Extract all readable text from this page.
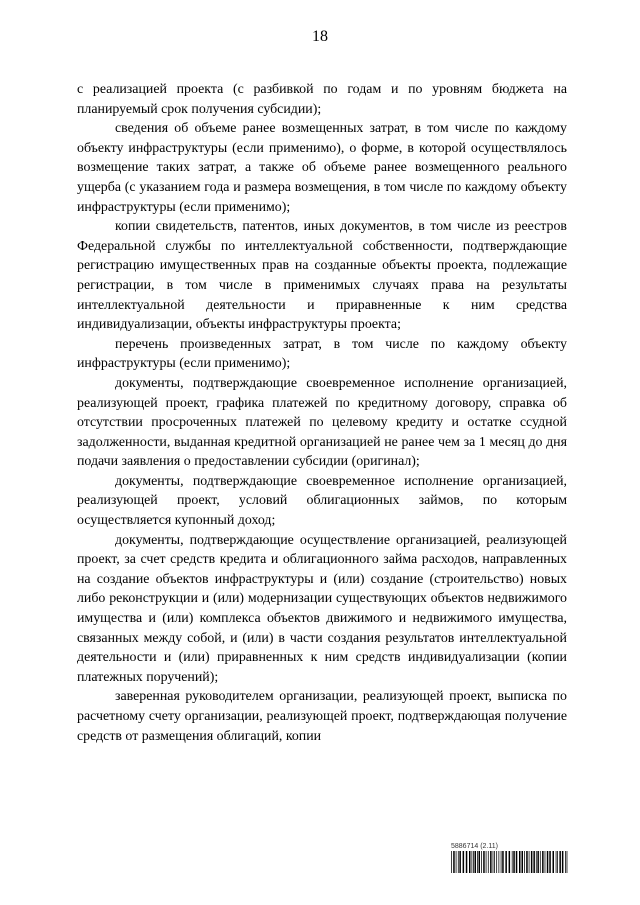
18

с реализацией проекта (с разбивкой по годам и по уровням бюджета на планируемый срок получения субсидии);

сведения об объеме ранее возмещенных затрат, в том числе по каждому объекту инфраструктуры (если применимо), о форме, в которой осуществлялось возмещение таких затрат, а также об объеме ранее возмещенного реального ущерба (с указанием года и размера возмещения, в том числе по каждому объекту инфраструктуры (если применимо);

копии свидетельств, патентов, иных документов, в том числе из реестров Федеральной службы по интеллектуальной собственности, подтверждающие регистрацию имущественных прав на созданные объекты проекта, подлежащие регистрации, в том числе в применимых случаях права на результаты интеллектуальной деятельности и приравненные к ним средства индивидуализации, объекты инфраструктуры проекта;

перечень произведенных затрат, в том числе по каждому объекту инфраструктуры (если применимо);

документы, подтверждающие своевременное исполнение организацией, реализующей проект, графика платежей по кредитному договору, справка об отсутствии просроченных платежей по целевому кредиту и остатке ссудной задолженности, выданная кредитной организацией не ранее чем за 1 месяц до дня подачи заявления о предоставлении субсидии (оригинал);

документы, подтверждающие своевременное исполнение организацией, реализующей проект, условий облигационных займов, по которым осуществляется купонный доход;

документы, подтверждающие осуществление организацией, реализующей проект, за счет средств кредита и облигационного займа расходов, направленных на создание объектов инфраструктуры и (или) создание (строительство) новых либо реконструкции и (или) модернизации существующих объектов недвижимого имущества и (или) комплекса объектов движимого и недвижимого имущества, связанных между собой, и (или) в части создания результатов интеллектуальной деятельности и (или) приравненных к ним средств индивидуализации (копии платежных поручений);

заверенная руководителем организации, реализующей проект, выписка по расчетному счету организации, реализующей проект, подтверждающая получение средств от размещения облигаций, копии

5886714 (2.11)
